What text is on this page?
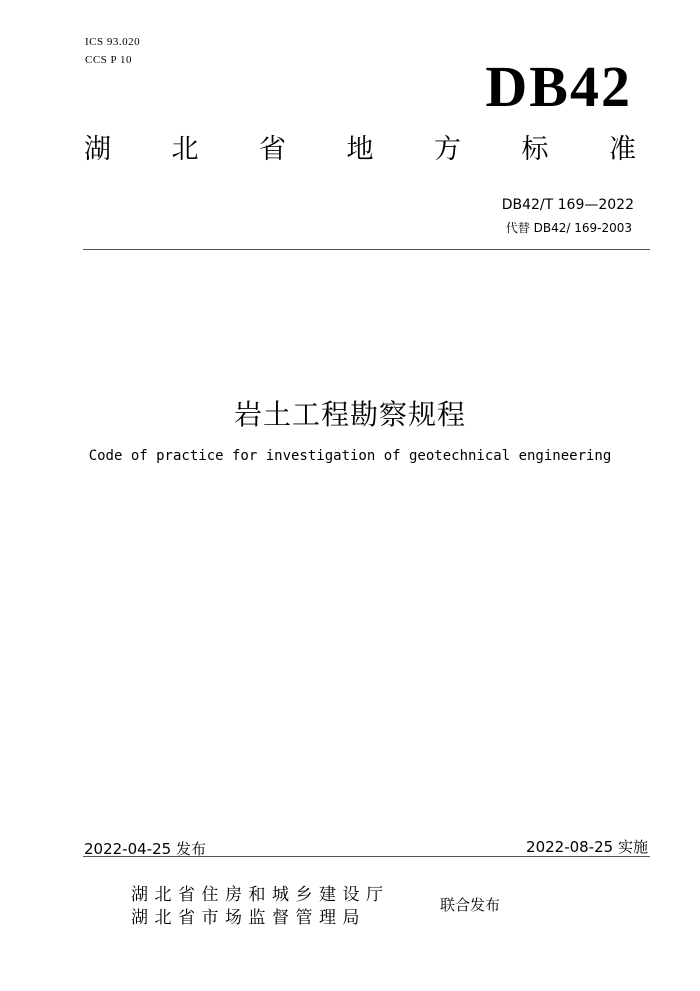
ICS 93.020
CCS P 10	DB42
湖 北 省 地 方 标 准
DB42/T 169—2022
代替 DB42/ 169-2003
岩土工程勘察规程
Code of practice for investigation of geotechnical engineering
2022-04-25 发布	2022-08-25 实施
湖北省住房和城乡建设厅
湖北省市场监督管理局
联合发布
